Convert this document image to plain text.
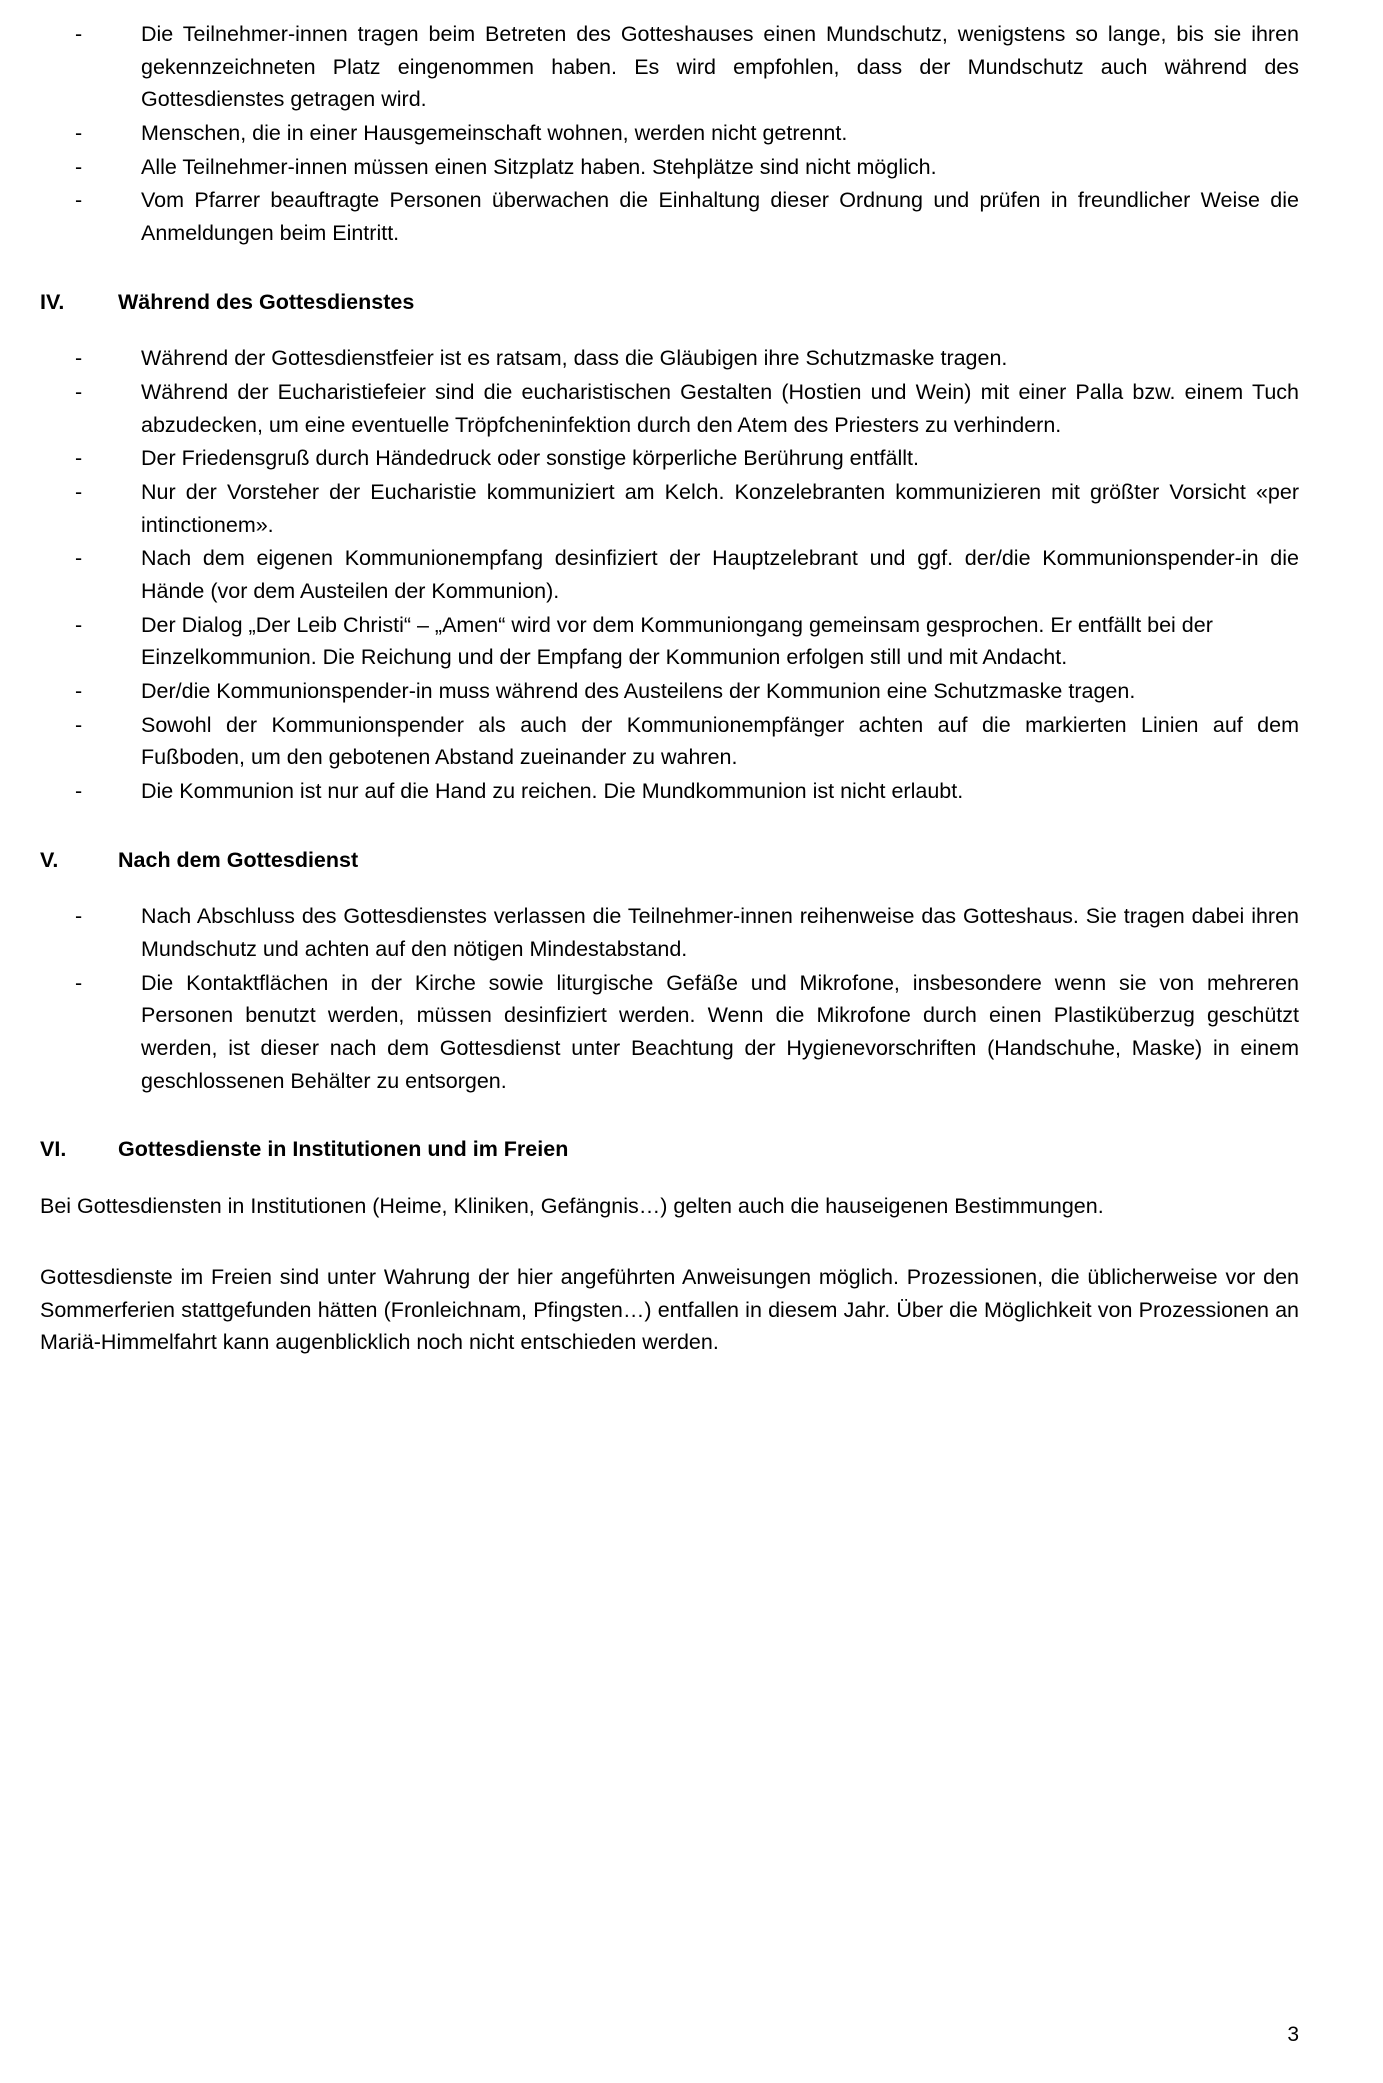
-	Die Teilnehmer-innen tragen beim Betreten des Gotteshauses einen Mundschutz, wenigstens so lange, bis sie ihren gekennzeichneten Platz eingenommen haben. Es wird empfohlen, dass der Mundschutz auch während des Gottesdienstes getragen wird.
-	Menschen, die in einer Hausgemeinschaft wohnen, werden nicht getrennt.
-	Alle Teilnehmer-innen müssen einen Sitzplatz haben. Stehplätze sind nicht möglich.
-	Vom Pfarrer beauftragte Personen überwachen die Einhaltung dieser Ordnung und prüfen in freundlicher Weise die Anmeldungen beim Eintritt.
IV.	Während des Gottesdienstes
-	Während der Gottesdienstfeier ist es ratsam, dass die Gläubigen ihre Schutzmaske tragen.
-	Während der Eucharistiefeier sind die eucharistischen Gestalten (Hostien und Wein) mit einer Palla bzw. einem Tuch abzudecken, um eine eventuelle Tröpfcheninfektion durch den Atem des Priesters zu verhindern.
-	Der Friedensgruß durch Händedruck oder sonstige körperliche Berührung entfällt.
-	Nur der Vorsteher der Eucharistie kommuniziert am Kelch. Konzelebranten kommunizieren mit größter Vorsicht «per intinctionem».
-	Nach dem eigenen Kommunionempfang desinfiziert der Hauptzelebrant und ggf. der/die Kommunionspender-in die Hände (vor dem Austeilen der Kommunion).
-	Der Dialog „Der Leib Christi“ – „Amen“ wird vor dem Kommuniongang gemeinsam gesprochen. Er entfällt bei der Einzelkommunion. Die Reichung und der Empfang der Kommunion erfolgen still und mit Andacht.
-	Der/die Kommunionspender-in muss während des Austeilens der Kommunion eine Schutzmaske tragen.
-	Sowohl der Kommunionspender als auch der Kommunionempfänger achten auf die markierten Linien auf dem Fußboden, um den gebotenen Abstand zueinander zu wahren.
-	Die Kommunion ist nur auf die Hand zu reichen. Die Mundkommunion ist nicht erlaubt.
V.	Nach dem Gottesdienst
-	Nach Abschluss des Gottesdienstes verlassen die Teilnehmer-innen reihenweise das Gotteshaus. Sie tragen dabei ihren Mundschutz und achten auf den nötigen Mindestabstand.
-	Die Kontaktflächen in der Kirche sowie liturgische Gefäße und Mikrofone, insbesondere wenn sie von mehreren Personen benutzt werden, müssen desinfiziert werden. Wenn die Mikrofone durch einen Plastiküberzug geschützt werden, ist dieser nach dem Gottesdienst unter Beachtung der Hygienevorschriften (Handschuhe, Maske) in einem geschlossenen Behälter zu entsorgen.
VI.	Gottesdienste in Institutionen und im Freien

Bei Gottesdiensten in Institutionen (Heime, Kliniken, Gefängnis…) gelten auch die hauseigenen Bestimmungen.

Gottesdienste im Freien sind unter Wahrung der hier angeführten Anweisungen möglich. Prozessionen, die üblicherweise vor den Sommerferien stattgefunden hätten (Fronleichnam, Pfingsten…) entfallen in diesem Jahr. Über die Möglichkeit von Prozessionen an Mariä-Himmelfahrt kann augenblicklich noch nicht entschieden werden.

3
